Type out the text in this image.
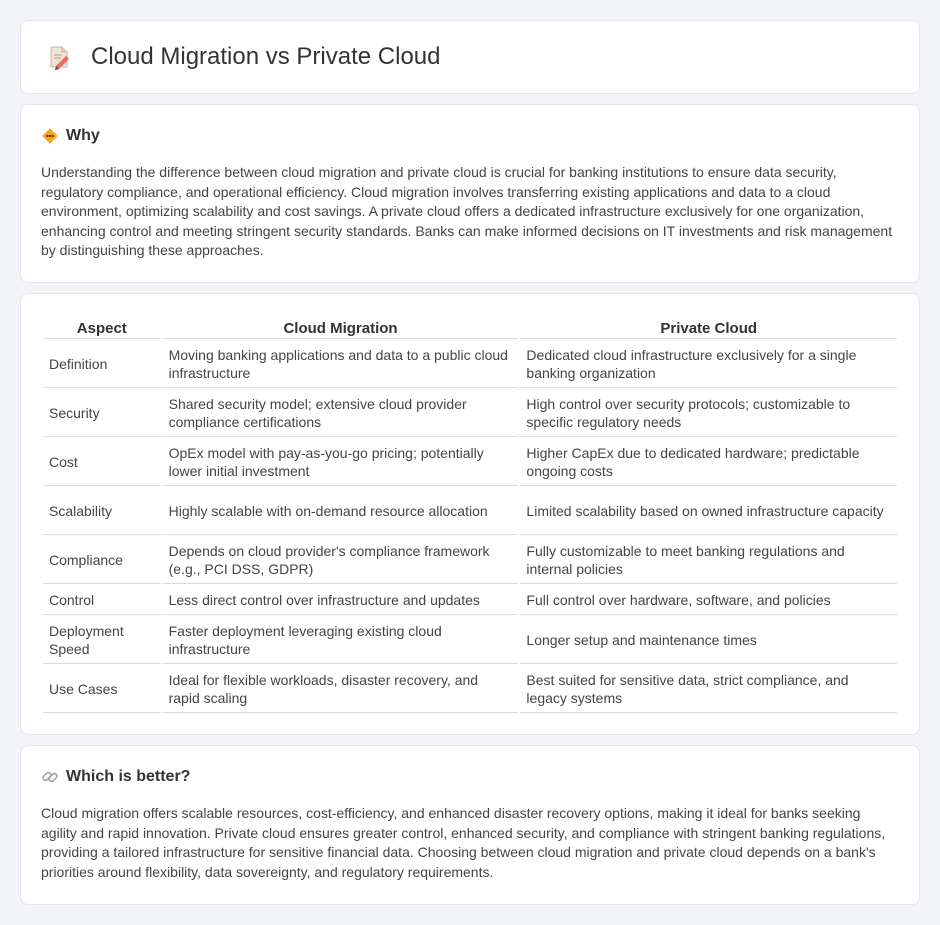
Cloud Migration vs Private Cloud
Why

Understanding the difference between cloud migration and private cloud is crucial for banking institutions to ensure data security, regulatory compliance, and operational efficiency. Cloud migration involves transferring existing applications and data to a cloud environment, optimizing scalability and cost savings. A private cloud offers a dedicated infrastructure exclusively for one organization, enhancing control and meeting stringent security standards. Banks can make informed decisions on IT investments and risk management by distinguishing these approaches.

Aspect	Cloud Migration	Private Cloud
Definition	Moving banking applications and data to a public cloud infrastructure	Dedicated cloud infrastructure exclusively for a single banking organization
Security	Shared security model; extensive cloud provider compliance certifications	High control over security protocols; customizable to specific regulatory needs
Cost	OpEx model with pay-as-you-go pricing; potentially lower initial investment	Higher CapEx due to dedicated hardware; predictable ongoing costs
Scalability	Highly scalable with on-demand resource allocation	Limited scalability based on owned infrastructure capacity
Compliance	Depends on cloud provider's compliance framework (e.g., PCI DSS, GDPR)	Fully customizable to meet banking regulations and internal policies
Control	Less direct control over infrastructure and updates	Full control over hardware, software, and policies
Deployment Speed	Faster deployment leveraging existing cloud infrastructure	Longer setup and maintenance times
Use Cases	Ideal for flexible workloads, disaster recovery, and rapid scaling	Best suited for sensitive data, strict compliance, and legacy systems
Which is better?

Cloud migration offers scalable resources, cost-efficiency, and enhanced disaster recovery options, making it ideal for banks seeking agility and rapid innovation. Private cloud ensures greater control, enhanced security, and compliance with stringent banking regulations, providing a tailored infrastructure for sensitive financial data. Choosing between cloud migration and private cloud depends on a bank's priorities around flexibility, data sovereignty, and regulatory requirements.
